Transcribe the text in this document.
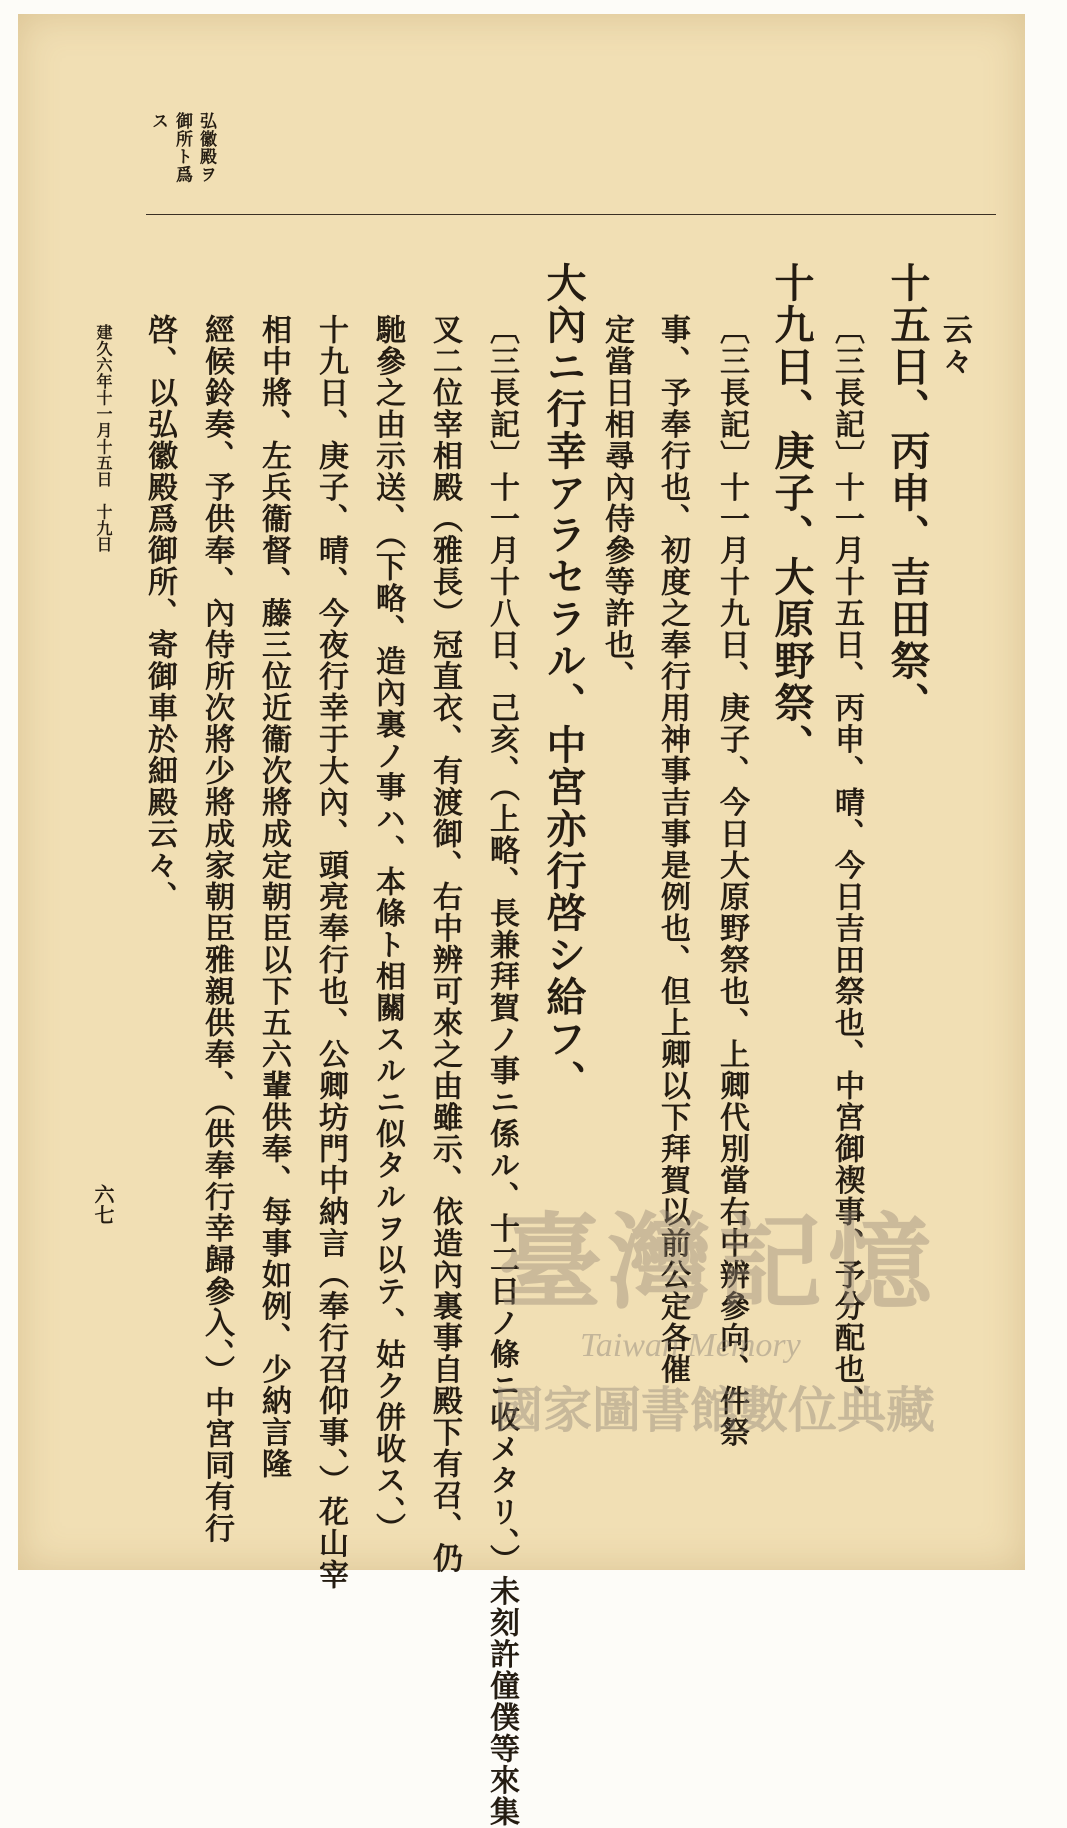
弘徽殿ヲ
御所ト爲
ス
云々
十五日、丙申、吉田祭、
〔三長記〕十一月十五日、丙申、晴、今日吉田祭也、中宮御禊事、予分配也、
十九日、庚子、大原野祭、
〔三長記〕十一月十九日、庚子、今日大原野祭也、上卿代別當右中辨參向、件祭
事、予奉行也、初度之奉行用神事吉事是例也、但上卿以下拜賀以前公定各催
定當日相尋內侍參等許也、
大內ニ行幸アラセラル、中宮亦行啓シ給フ、
〔三長記〕十一月十八日、己亥、（上略、長兼拜賀ノ事ニ係ル、十二日ノ條ニ收メタリ、）未刻許僮僕等來集
叉二位宰相殿（雅長）冠直衣、有渡御、右中辨可來之由雖示、依造內裏事自殿下有召、仍
馳參之由示送、（下略、造內裏ノ事ハ、本條ト相關スルニ似タルヲ以テ、姑ク併收ス、）
十九日、庚子、晴、今夜行幸于大內、頭亮奉行也、公卿坊門中納言（奉行召仰事、）花山宰
相中將、左兵衞督、藤三位近衞次將成定朝臣以下五六輩供奉、每事如例、少納言隆
經候鈴奏、予供奉、內侍所次將少將成家朝臣雅親供奉、（供奉行幸歸參入、）中宮同有行
啓、以弘徽殿爲御所、寄御車於細殿云々、
建久六年十一月十五日　十九日
六七	臺灣記憶
Taiwan Memory
國家圖書館數位典藏
